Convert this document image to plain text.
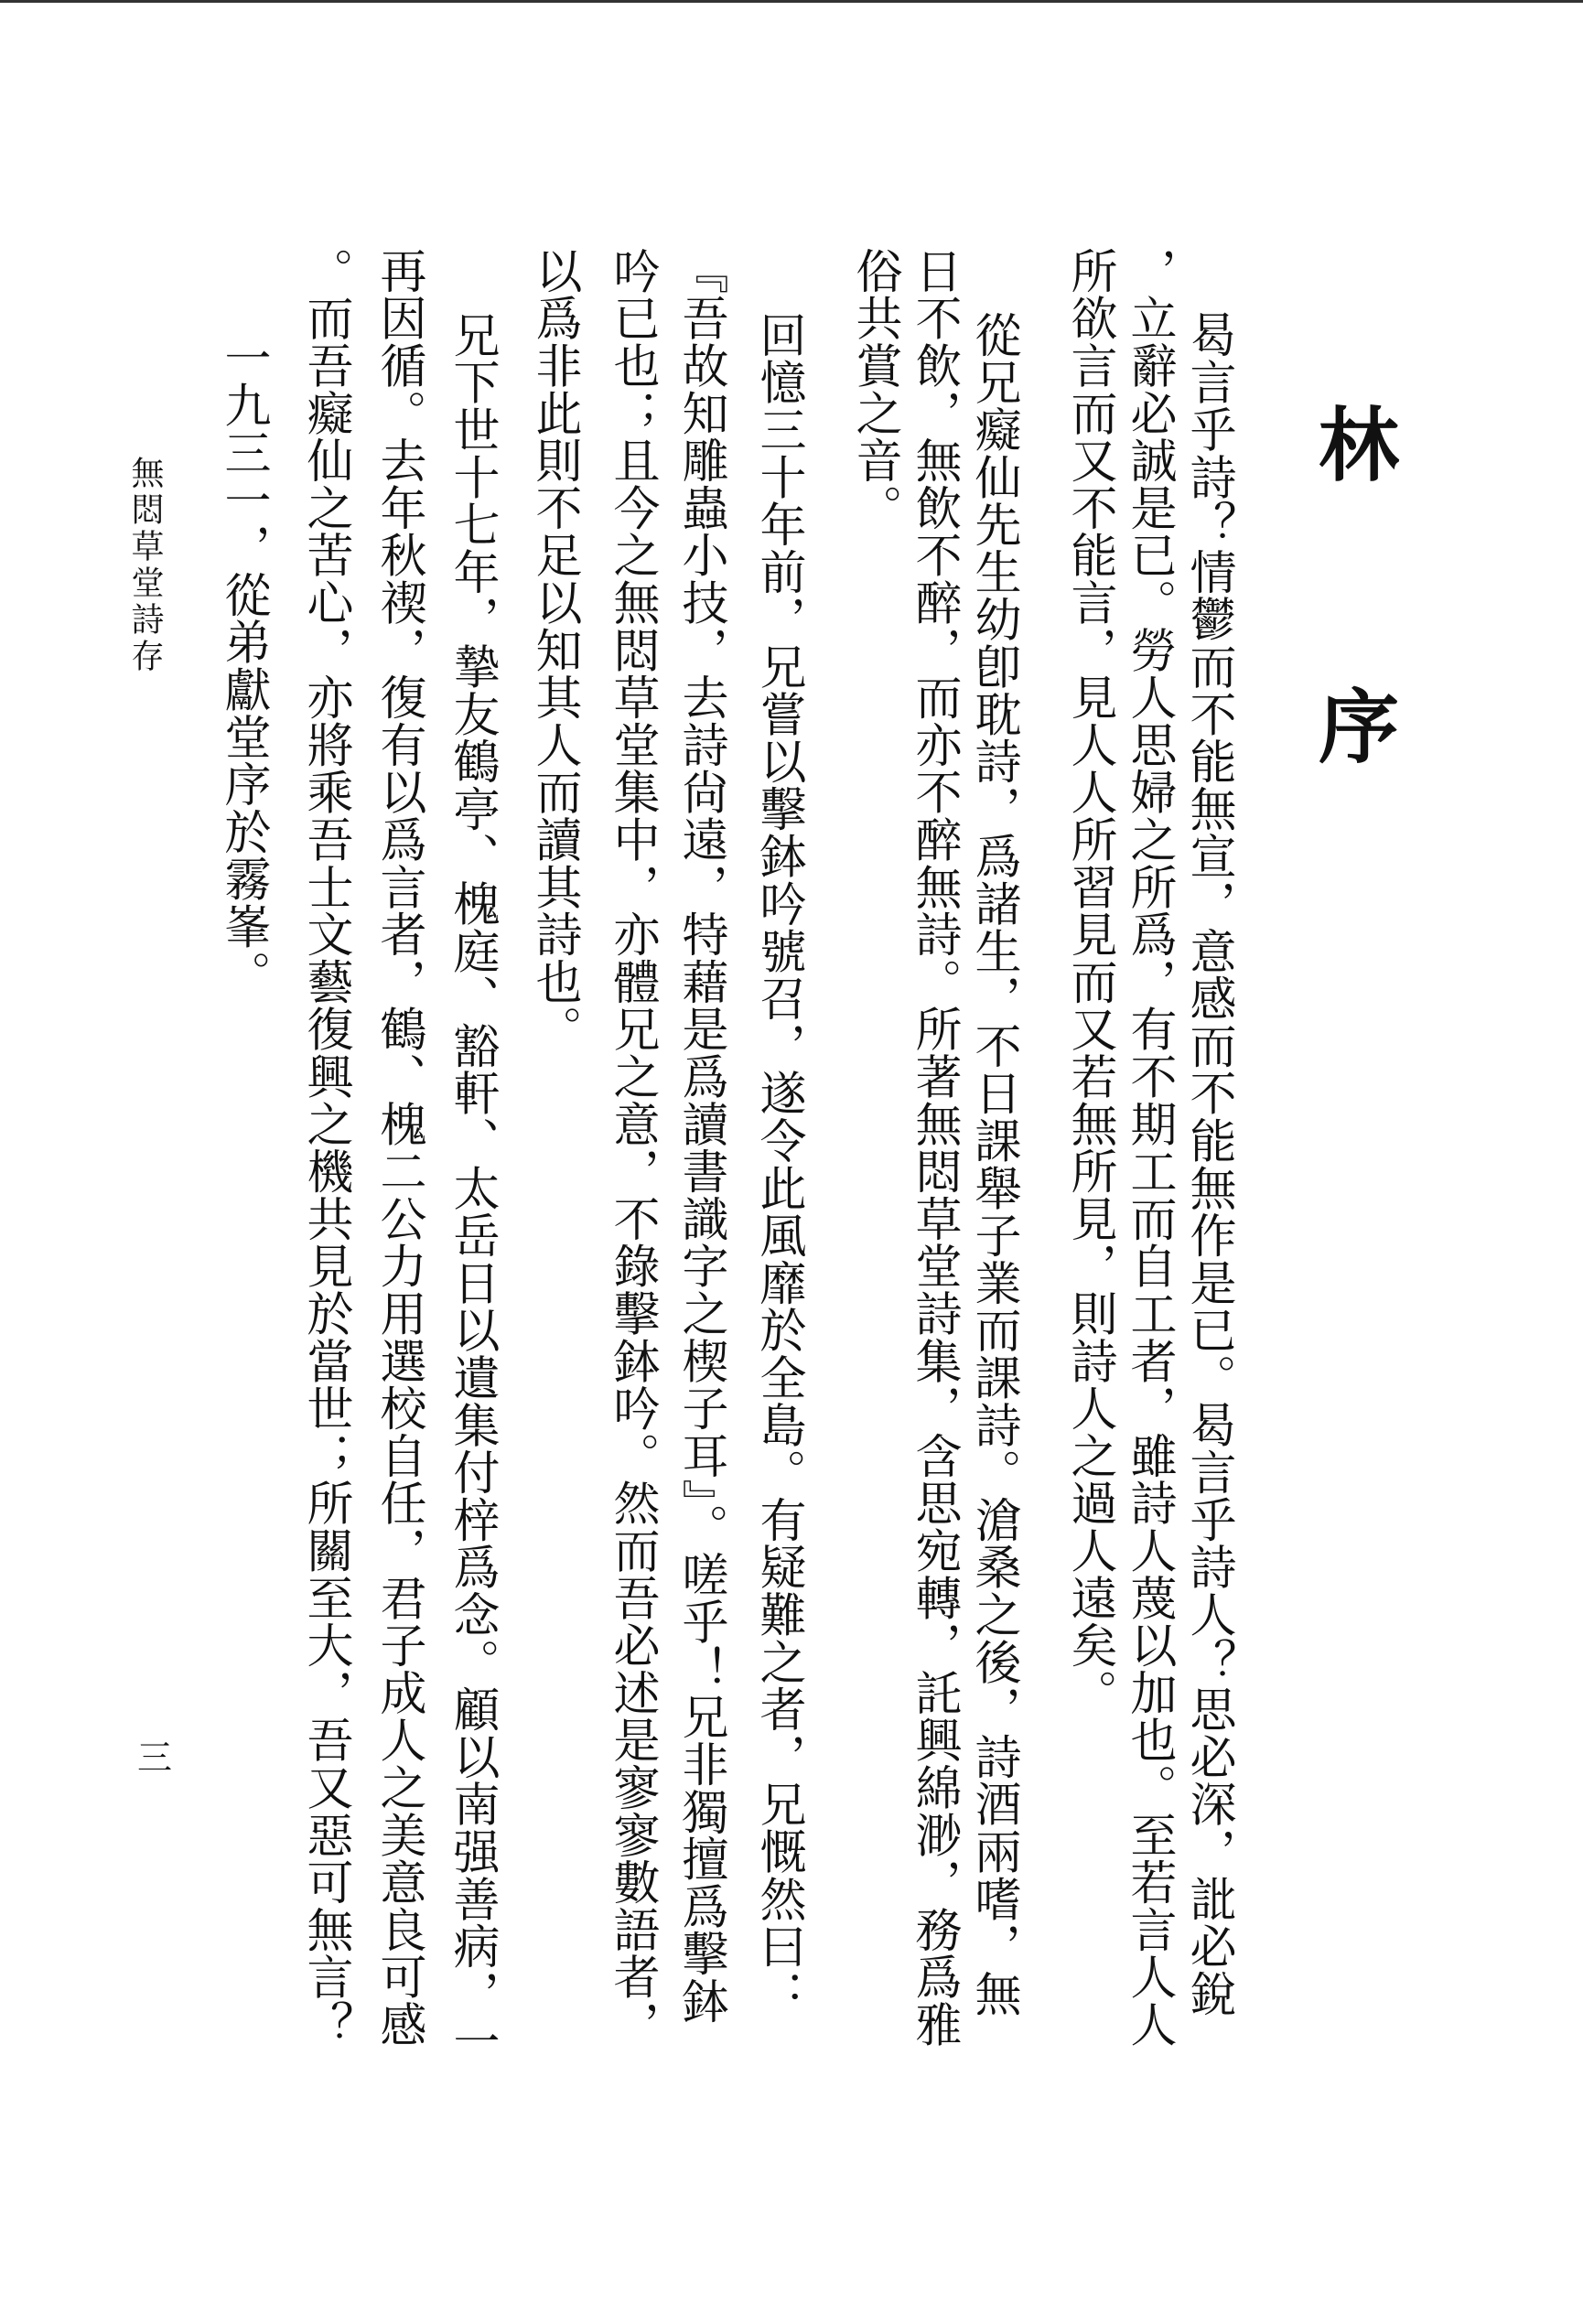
林 序
曷言乎詩？情鬱而不能無宣，意感而不能無作是已。曷言乎詩人？思必深，䚹必銳
，立辭必誠是已。勞人思婦之所爲，有不期工而自工者，雖詩人蔑以加也。至若言人人
所欲言而又不能言，見人人所習見而又若無所見，則詩人之過人遠矣。
從兄癡仙先生幼卽耽詩，爲諸生，不日課舉子業而課詩。滄桑之後，詩酒兩嗜，無
日不飲，無飲不醉，而亦不醉無詩。所著無悶草堂詩集，含思宛轉，託興綿渺，務爲雅
俗共賞之音。
回憶三十年前，兄嘗以擊鉢吟號召，遂令此風靡於全島。有疑難之者，兄慨然曰：
『吾故知雕蟲小技，去詩尙遠，特藉是爲讀書識字之楔子耳』。嗟乎！兄非獨擅爲擊鉢
吟已也；且今之無悶草堂集中，亦體兄之意，不錄擊鉢吟。然而吾必述是寥寥數語者，
以爲非此則不足以知其人而讀其詩也。
兄下世十七年，摯友鶴亭、槐庭、豁軒、太岳日以遺集付梓爲念。顧以南强善病，一
再因循。去年秋禊，復有以爲言者，鶴、槐二公力用選校自任，君子成人之美意良可感
。而吾癡仙之苦心，亦將乘吾士文藝復興之機共見於當世；所關至大，吾又惡可無言？
一九三一，從弟獻堂序於霧峯。
無悶草堂詩存
三
